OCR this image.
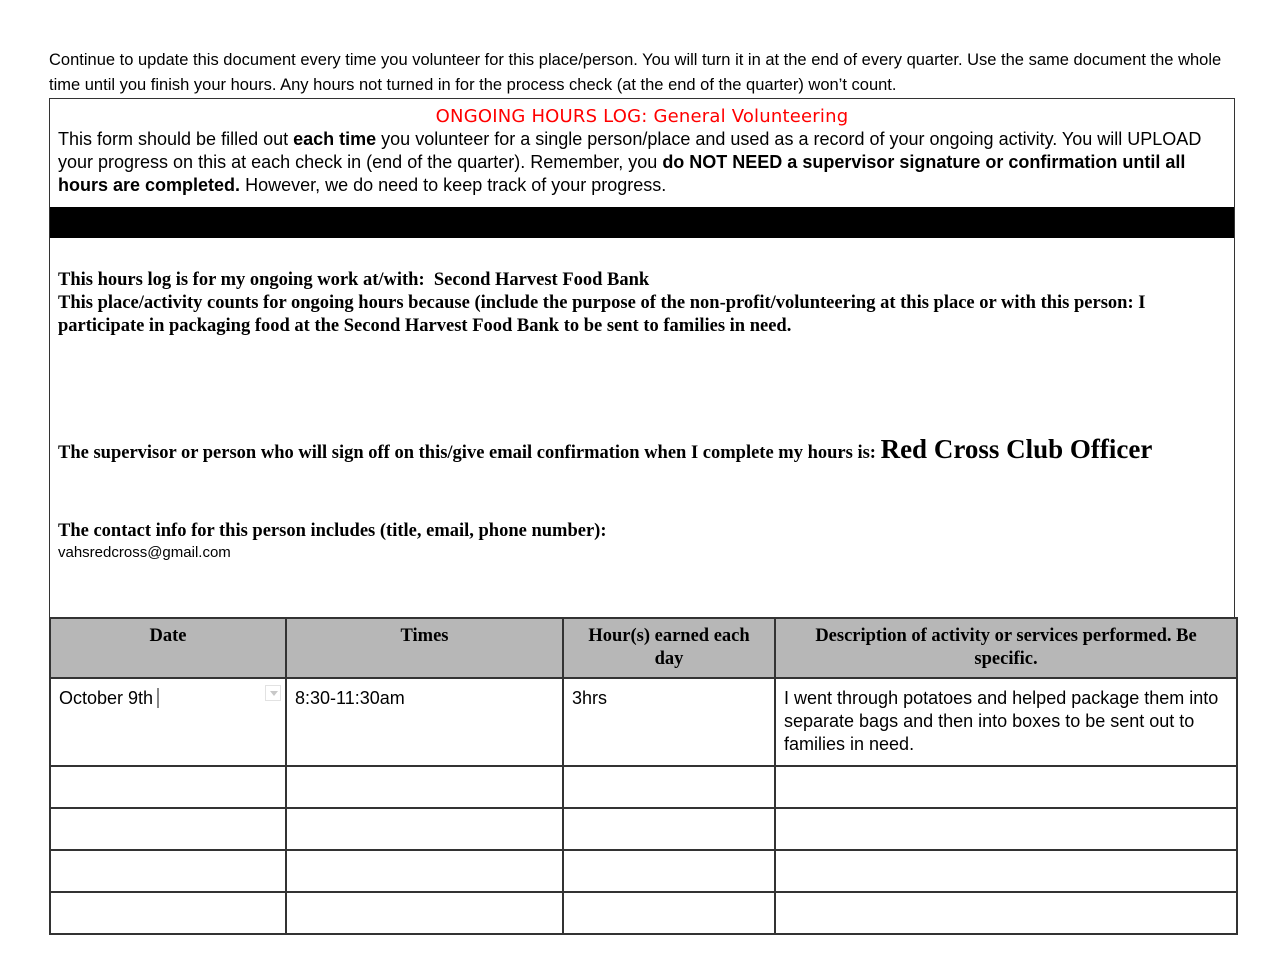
Continue to update this document every time you volunteer for this place/person. You will turn it in at the end of every quarter. Use the same document the whole time until you finish your hours. Any hours not turned in for the process check (at the end of the quarter) won’t count.
ONGOING HOURS LOG: General Volunteering
This form should be filled out each time you volunteer for a single person/place and used as a record of your ongoing activity. You will UPLOAD your progress on this at each check in (end of the quarter). Remember, you do NOT NEED a supervisor signature or confirmation until all hours are completed. However, we do need to keep track of your progress.
This hours log is for my ongoing work at/with: Second Harvest Food Bank
This place/activity counts for ongoing hours because (include the purpose of the non-profit/volunteering at this place or with this person: I participate in packaging food at the Second Harvest Food Bank to be sent to families in need.
The supervisor or person who will sign off on this/give email confirmation when I complete my hours is: Red Cross Club Officer
The contact info for this person includes (title, email, phone number):
vahsredcross@gmail.com
Date	Times	Hour(s) earned each day	Description of activity or services performed. Be specific.
October 9th	8:30-11:30am	3hrs	I went through potatoes and helped package them into separate bags and then into boxes to be sent out to families in need.
